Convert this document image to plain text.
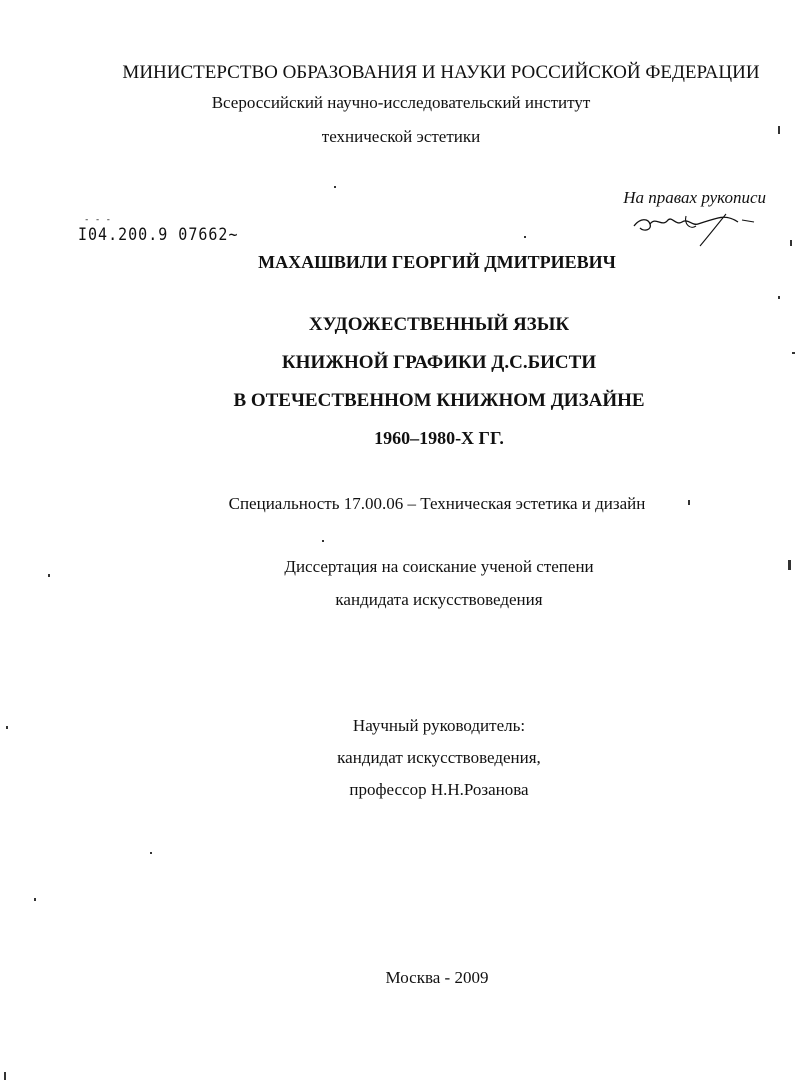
МИНИСТЕРСТВО ОБРАЗОВАНИЯ И НАУКИ РОССИЙСКОЙ ФЕДЕРАЦИИ
Всероссийский научно-исследовательский институт
технической эстетики
На правах рукописи
- - -
I04.200.9 07662~
МАХАШВИЛИ ГЕОРГИЙ ДМИТРИЕВИЧ
ХУДОЖЕСТВЕННЫЙ ЯЗЫК
КНИЖНОЙ ГРАФИКИ Д.С.БИСТИ
В ОТЕЧЕСТВЕННОМ КНИЖНОМ ДИЗАЙНЕ
1960–1980-Х ГГ.
Специальность 17.00.06 – Техническая эстетика и дизайн
Диссертация на соискание ученой степени
кандидата искусствоведения
Научный руководитель:
кандидат искусствоведения,
профессор Н.Н.Розанова
Москва - 2009
